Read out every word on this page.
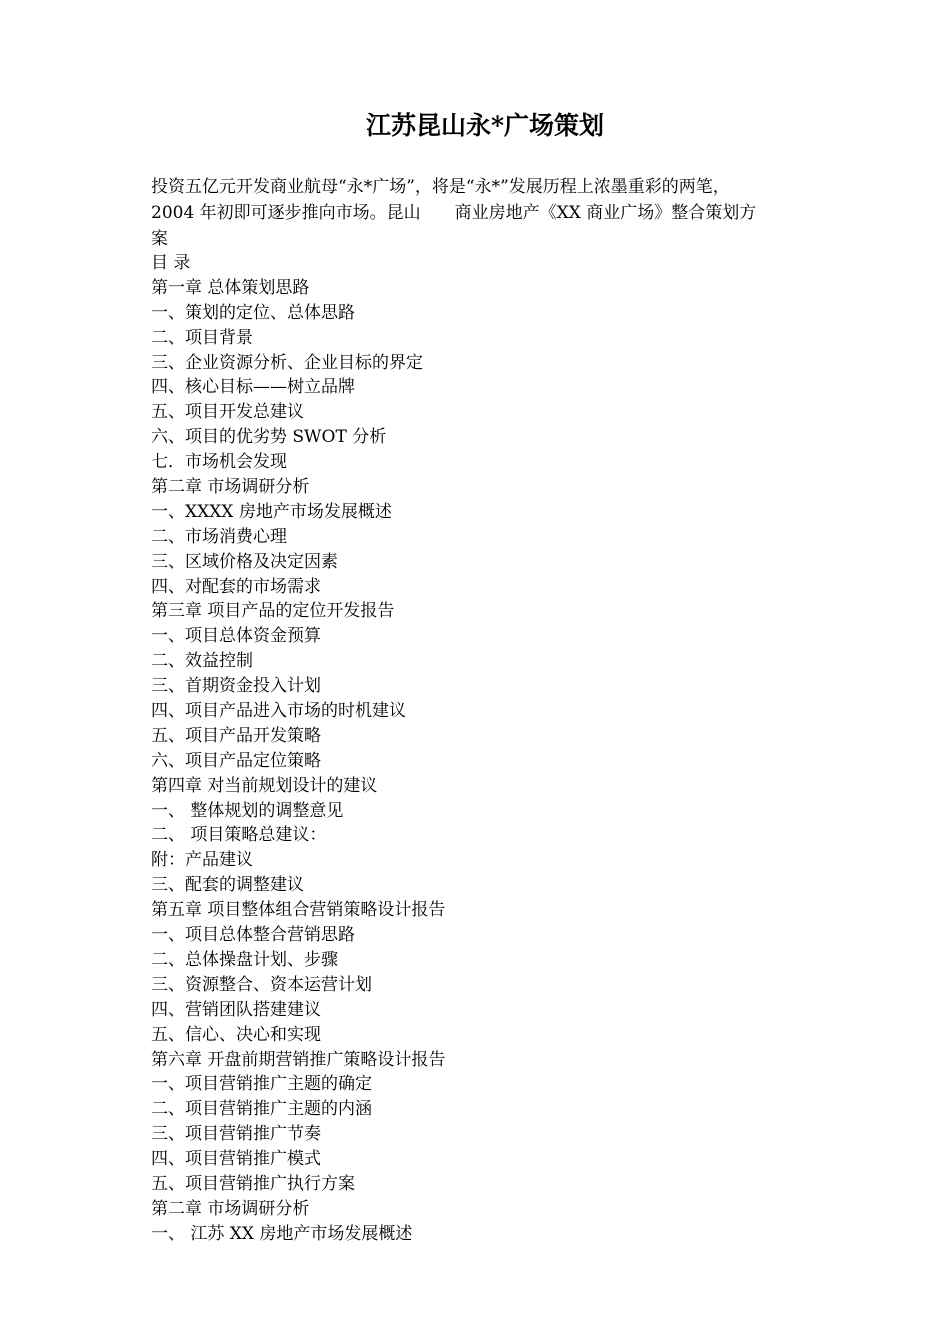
江苏昆山永*广场策划

投资五亿元开发商业航母“永*广场”，将是“永*”发展历程上浓墨重彩的两笔，
2004 年初即可逐步推向市场。昆山　　商业房地产《XX 商业广场》整合策划方
案

目 录
第一章 总体策划思路
一、策划的定位、总体思路
二、项目背景
三、企业资源分析、企业目标的界定
四、核心目标——树立品牌
五、项目开发总建议
六、项目的优劣势 SWOT 分析
七．市场机会发现
第二章 市场调研分析
一、XXXX 房地产市场发展概述
二、市场消费心理
三、区域价格及决定因素
四、对配套的市场需求
第三章 项目产品的定位开发报告
一、项目总体资金预算
二、效益控制
三、首期资金投入计划
四、项目产品进入市场的时机建议
五、项目产品开发策略
六、项目产品定位策略
第四章 对当前规划设计的建议
一、 整体规划的调整意见
二、 项目策略总建议：
附：产品建议
三、配套的调整建议
第五章 项目整体组合营销策略设计报告
一、项目总体整合营销思路
二、总体操盘计划、步骤
三、资源整合、资本运营计划
四、营销团队搭建建议
五、信心、决心和实现
第六章 开盘前期营销推广策略设计报告
一、项目营销推广主题的确定
二、项目营销推广主题的内涵
三、项目营销推广节奏
四、项目营销推广模式
五、项目营销推广执行方案
第二章 市场调研分析
一、 江苏 XX 房地产市场发展概述
